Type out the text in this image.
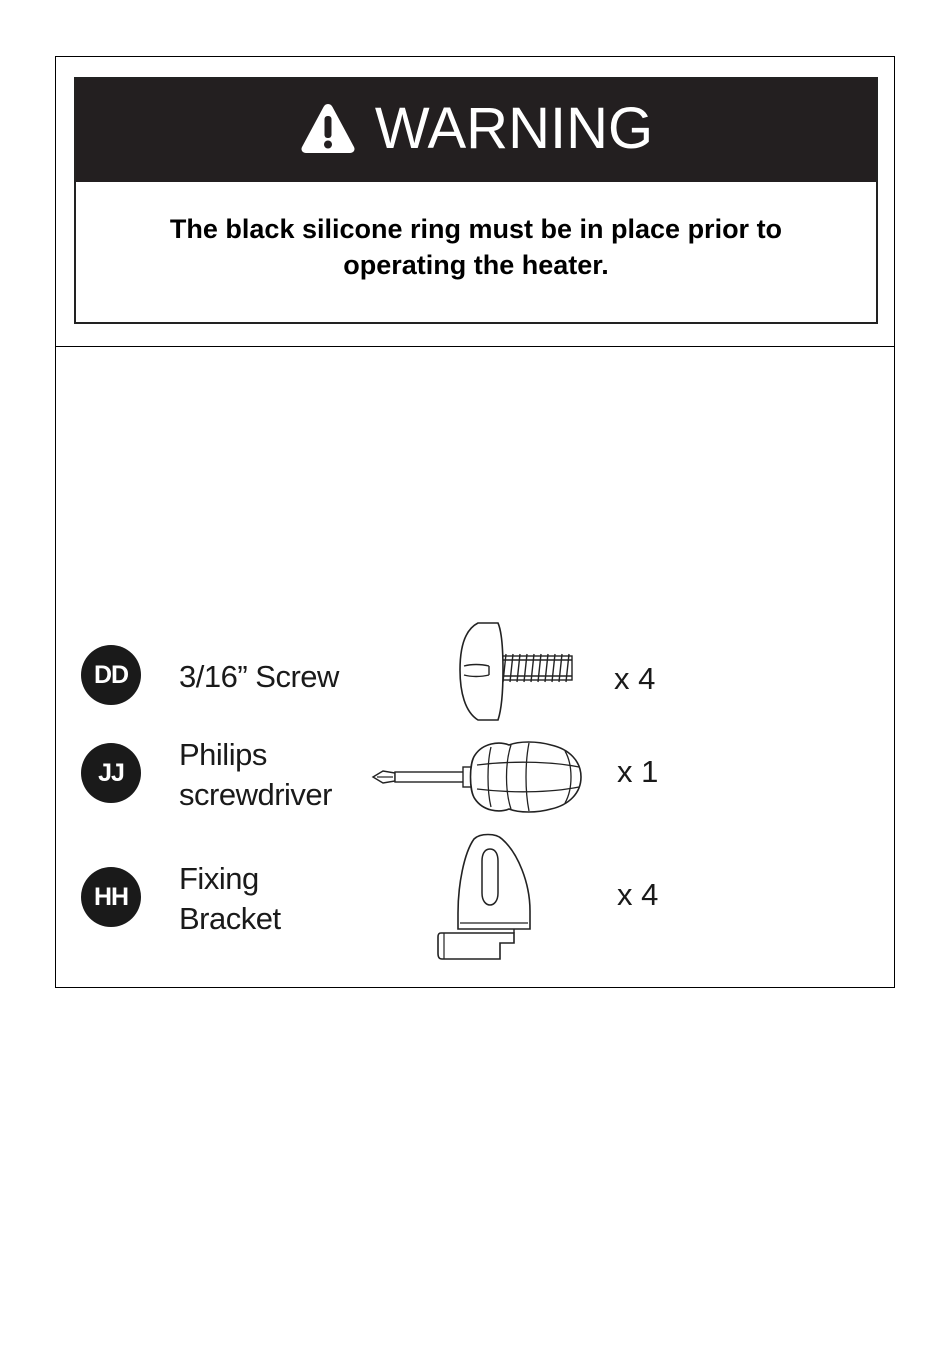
WARNING
The black silicone ring must be in place prior to operating the heater.
DD	3/16” Screw	x 4
JJ
Philips
screwdriver
x 1
HH
Fixing
Bracket
x 4
